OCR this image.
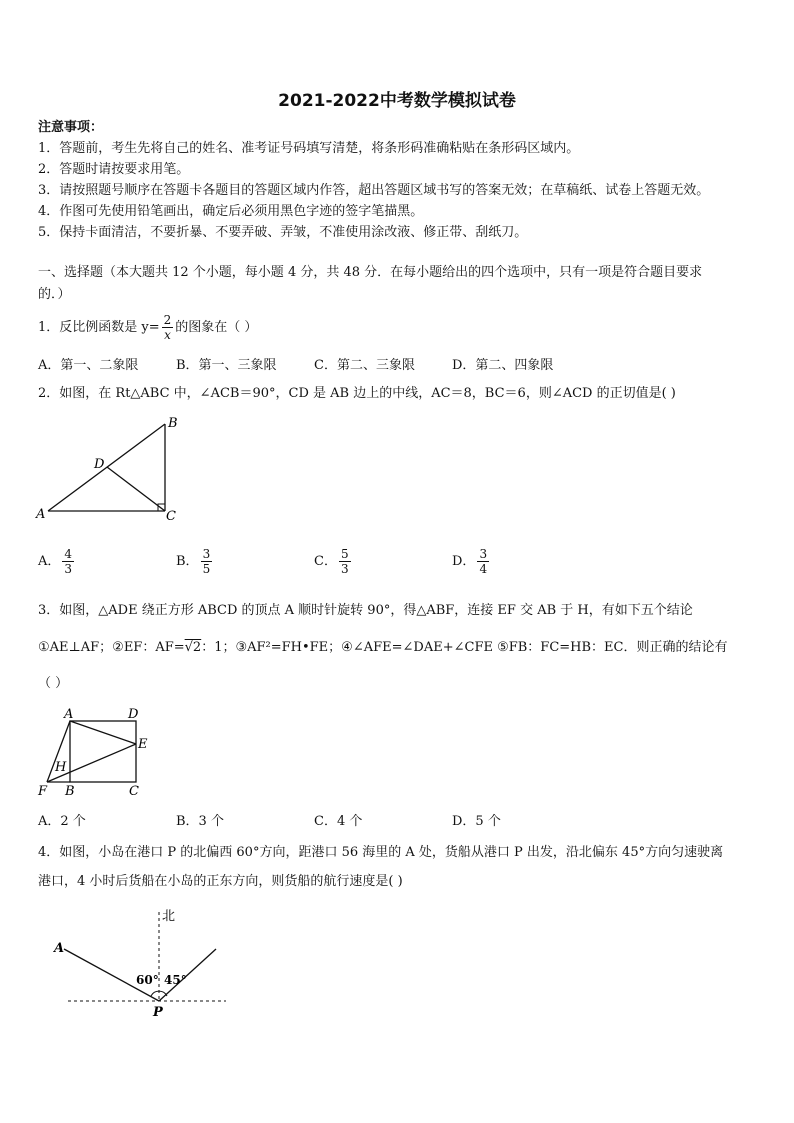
2021-2022中考数学模拟试卷
注意事项：
1．答题前，考生先将自己的姓名、准考证号码填写清楚，将条形码准确粘贴在条形码区域内。
2．答题时请按要求用笔。
3．请按照题号顺序在答题卡各题目的答题区域内作答，超出答题区域书写的答案无效；在草稿纸、试卷上答题无效。
4．作图可先使用铅笔画出，确定后必须用黑色字迹的签字笔描黑。
5．保持卡面清洁，不要折暴、不要弄破、弄皱，不准使用涂改液、修正带、刮纸刀。
一、选择题（本大题共 12 个小题，每小题 4 分，共 48 分．在每小题给出的四个选项中，只有一项是符合题目要求
的．）
1．反比例函数是 $y= \frac{2}{x}$ 的图象在（ ）
A．第一、二象限	B．第一、三象限	C．第二、三象限	D．第二、四象限
2．如图，在 Rt△ABC 中，∠ACB＝90°，CD 是 AB 边上的中线，AC＝8，BC＝6，则∠ACD 的正切值是( )
A
B
C
D
A． $\frac{4}{3}$	B． $\frac{3}{5}$	C． $\frac{5}{3}$	D． $\frac{3}{4}$
3．如图，△ADE 绕正方形 ABCD 的顶点 A 顺时针旋转 90°，得△ABF，连接 EF 交 AB 于 H，有如下五个结论
①AE⊥AF；②EF：AF=√2：1；③AF²=FH•FE；④∠AFE=∠DAE+∠CFE ⑤FB：FC=HB：EC．则正确的结论有
（ ）
A	D
E
H
F B	C
A．2 个	B．3 个	C．4 个	D．5 个
4．如图，小岛在港口 P 的北偏西 60°方向，距港口 56 海里的 A 处，货船从港口 P 出发，沿北偏东 45°方向匀速驶离
港口，4 小时后货船在小岛的正东方向，则货船的航行速度是( )
北
A
P
60° 45°
